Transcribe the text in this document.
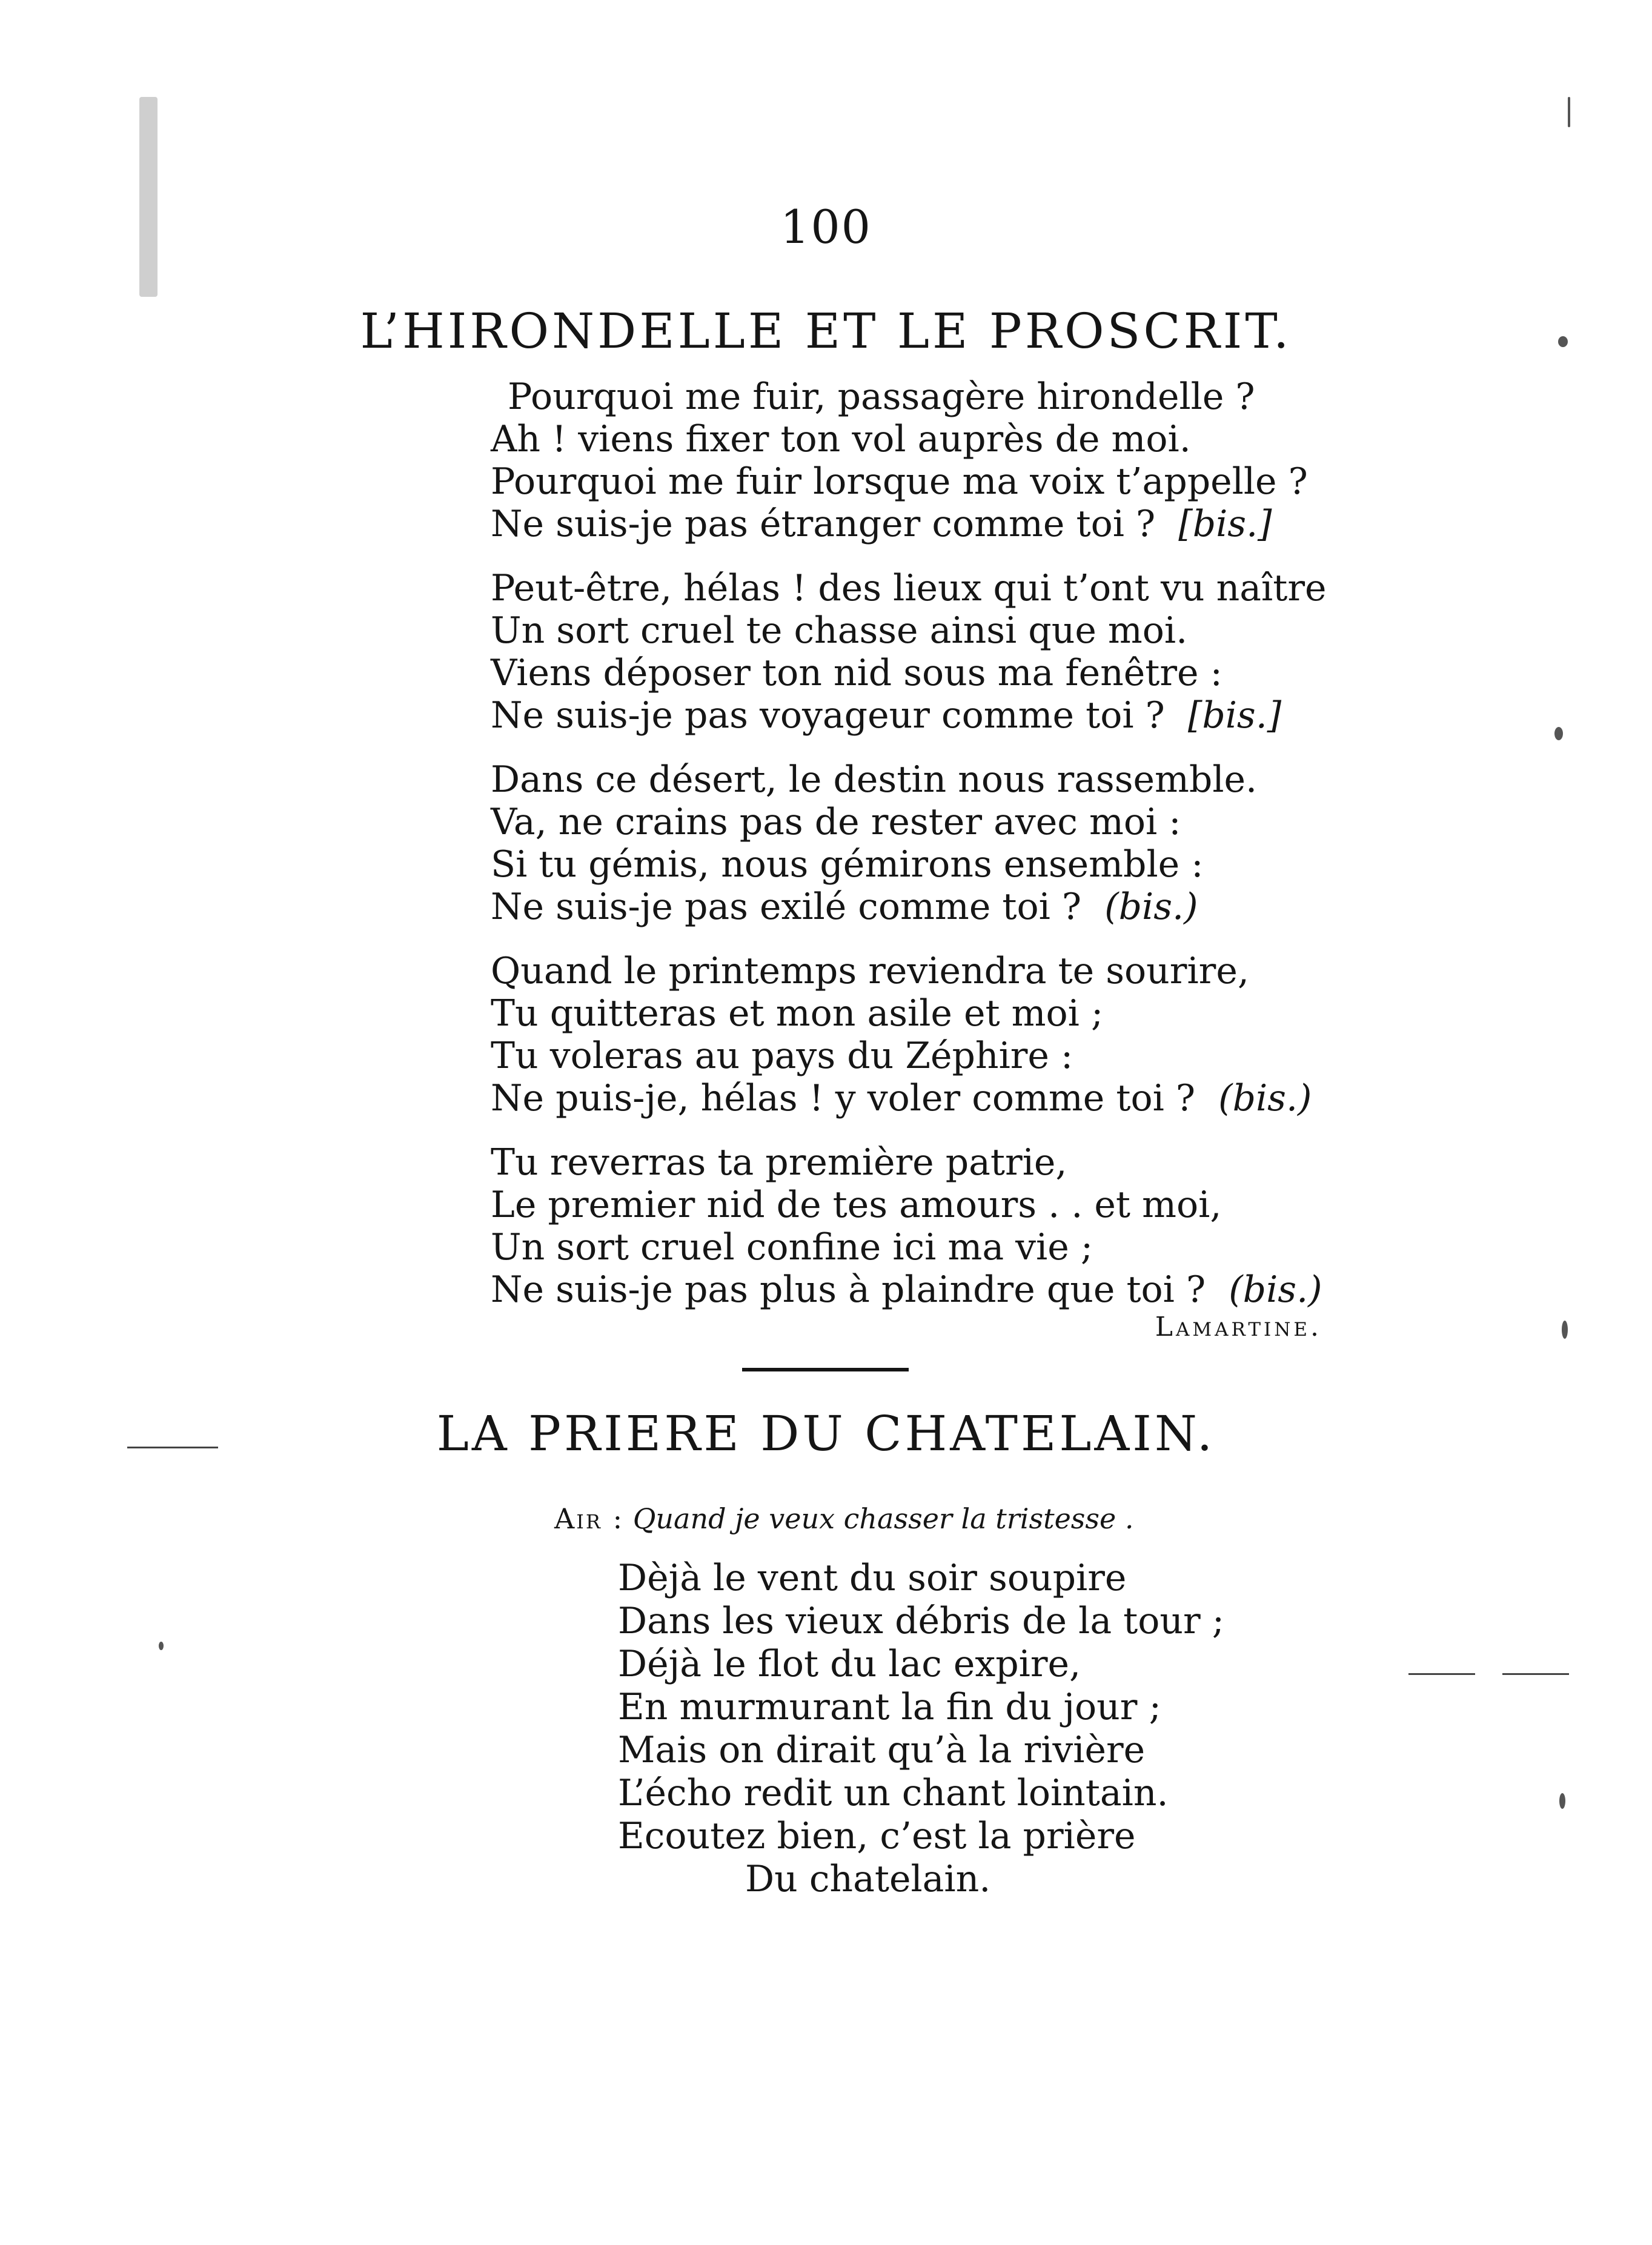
100
L’HIRONDELLE ET LE PROSCRIT.
Pourquoi me fuir, passagère hirondelle ?
Ah ! viens fixer ton vol auprès de moi.
Pourquoi me fuir lorsque ma voix t’appelle ?
Ne suis-je pas étranger comme toi ? [bis.]
Peut-être, hélas ! des lieux qui t’ont vu naître
Un sort cruel te chasse ainsi que moi.
Viens déposer ton nid sous ma fenêtre :
Ne suis-je pas voyageur comme toi ? [bis.]
Dans ce désert, le destin nous rassemble.
Va, ne crains pas de rester avec moi :
Si tu gémis, nous gémirons ensemble :
Ne suis-je pas exilé comme toi ? (bis.)
Quand le printemps reviendra te sourire,
Tu quitteras et mon asile et moi ;
Tu voleras au pays du Zéphire :
Ne puis-je, hélas ! y voler comme toi ? (bis.)
Tu reverras ta première patrie,
Le premier nid de tes amours . . et moi,
Un sort cruel confine ici ma vie ;
Ne suis-je pas plus à plaindre que toi ? (bis.)
Lamartine.
LA PRIERE DU CHATELAIN.
Air : Quand je veux chasser la tristesse .
Dèjà le vent du soir soupire
Dans les vieux débris de la tour ;
Déjà le flot du lac expire,
En murmurant la fin du jour ;
Mais on dirait qu’à la rivière
L’écho redit un chant lointain.
Ecoutez bien, c’est la prière
Du chatelain.
